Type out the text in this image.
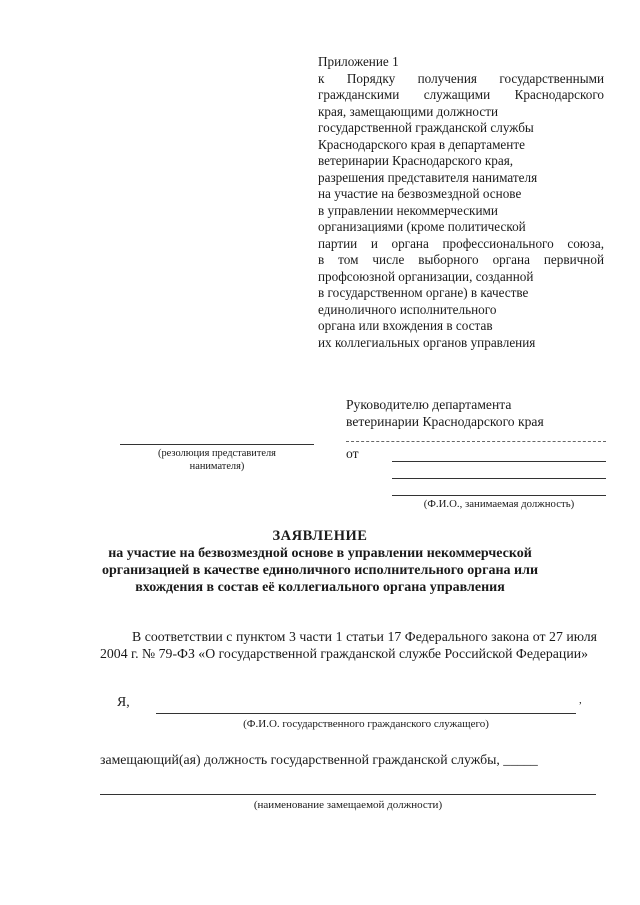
Приложение 1
к Порядку получения государственными
гражданскими служащими Краснодарского
края, замещающими должности
государственной гражданской службы
Краснодарского края в департаменте
ветеринарии Краснодарского края,
разрешения представителя нанимателя
на участие на безвозмездной основе
в управлении некоммерческими
организациями (кроме политической
партии и органа профессионального союза,
в том числе выборного органа первичной
профсоюзной организации, созданной
в государственном органе) в качестве
единоличного исполнительного
органа или вхождения в состав
их коллегиальных органов управления
Руководителю департамента
ветеринарии Краснодарского края
(резолюция представителя
нанимателя)
от
(Ф.И.О., занимаемая должность)
ЗАЯВЛЕНИЕ
на участие на безвозмездной основе в управлении некоммерческой
организацией в качестве единоличного исполнительного органа или
вхождения в состав её коллегиального органа управления
В соответствии с пунктом 3 части 1 статьи 17 Федерального закона от 27 июля 2004 г. № 79-ФЗ «О государственной гражданской службе Российской Федерации»
Я,	,
(Ф.И.О. государственного гражданского служащего)
замещающий(ая) должность государственной гражданской службы, _____
(наименование замещаемой должности)
